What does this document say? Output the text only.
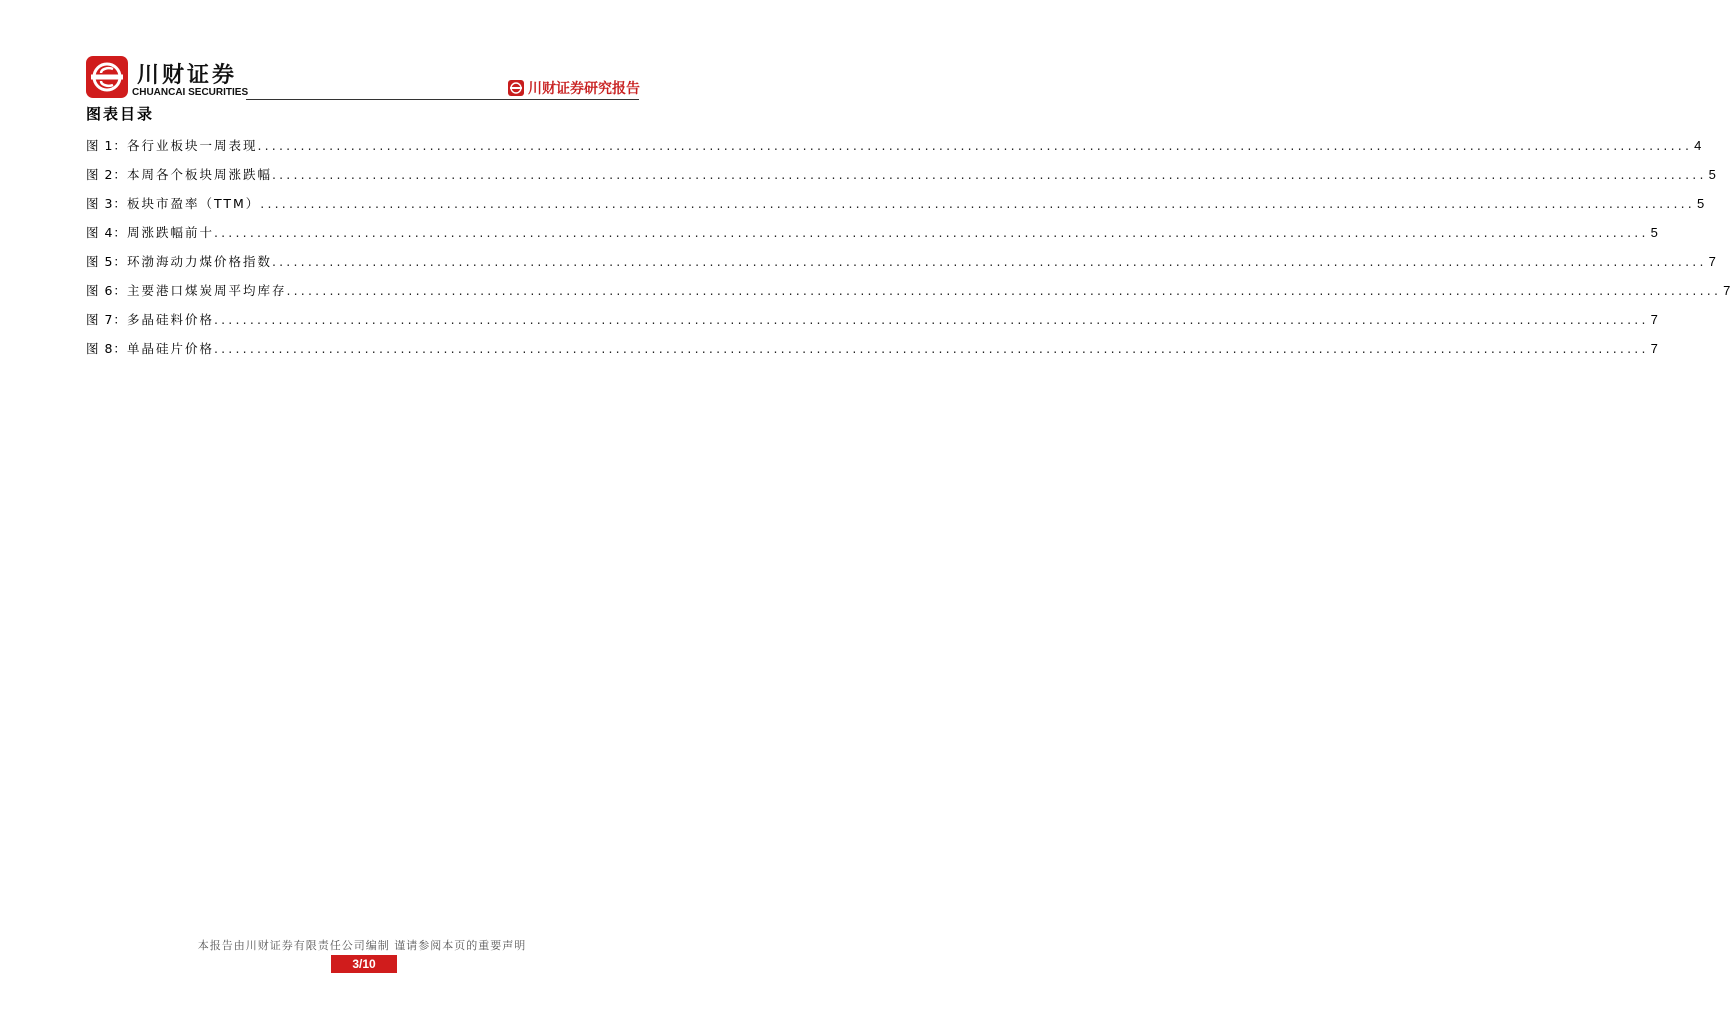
川财证券
CHUANCAI SECURITIES	川财证券研究报告
图表目录
图 1： 各行业板块一周表现 ........................................................................................................................................................................................................ 4
图 2： 本周各个板块周涨跌幅 ........................................................................................................................................................................................................ 5
图 3： 板块市盈率（TTM） ........................................................................................................................................................................................................ 5
图 4： 周涨跌幅前十 ........................................................................................................................................................................................................ 5
图 5： 环渤海动力煤价格指数 ........................................................................................................................................................................................................ 7
图 6： 主要港口煤炭周平均库存 ........................................................................................................................................................................................................ 7
图 7： 多晶硅料价格 ........................................................................................................................................................................................................ 7
图 8： 单晶硅片价格 ........................................................................................................................................................................................................ 7
本报告由川财证券有限责任公司编制 谨请参阅本页的重要声明
3/10
